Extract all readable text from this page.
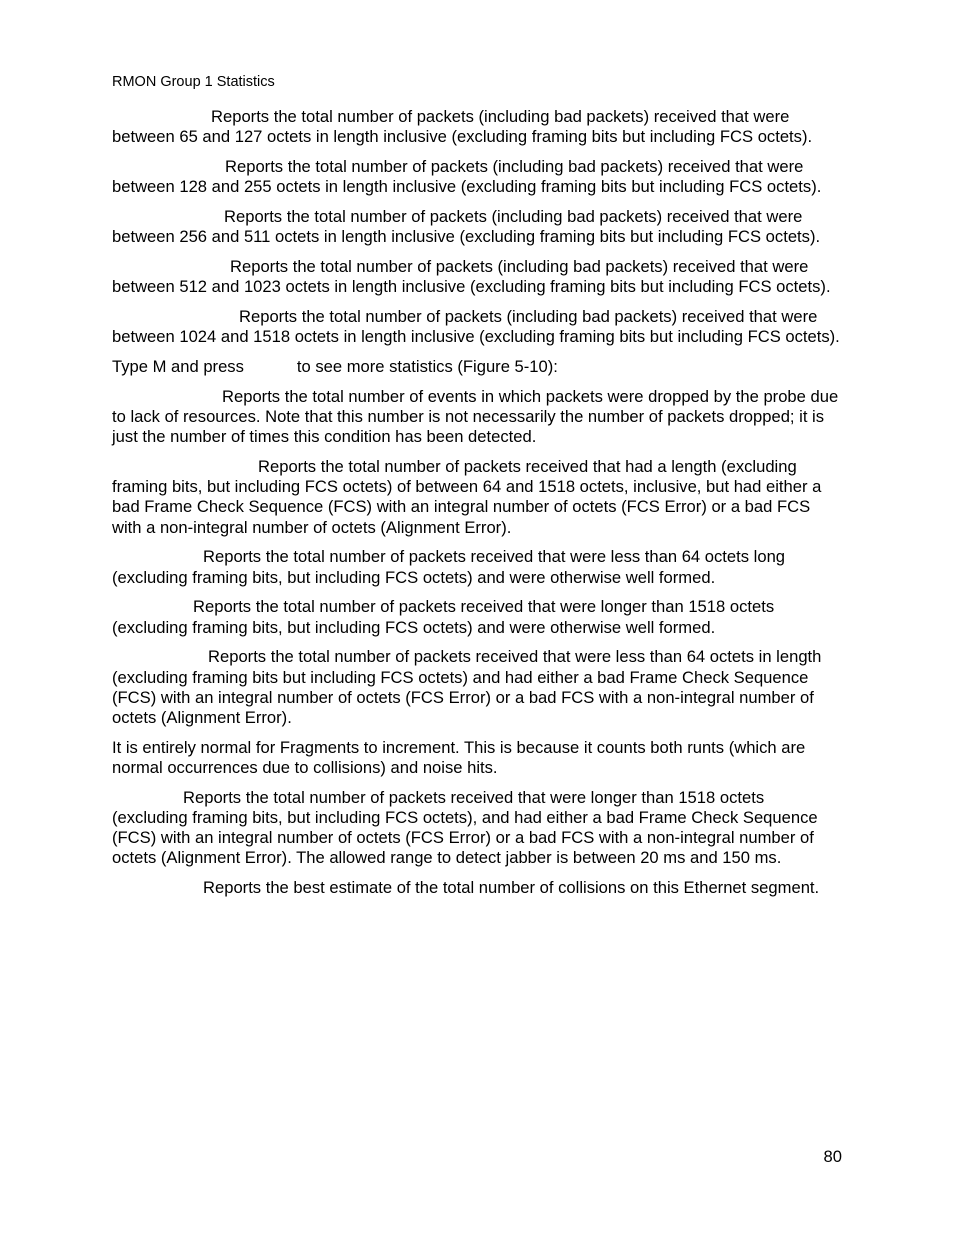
RMON Group 1 Statistics

Reports the total number of packets (including bad packets) received that were between 65 and 127 octets in length inclusive (excluding framing bits but including FCS octets).

Reports the total number of packets (including bad packets) received that were between 128 and 255 octets in length inclusive (excluding framing bits but including FCS octets).

Reports the total number of packets (including bad packets) received that were between 256 and 511 octets in length inclusive (excluding framing bits but including FCS octets).

Reports the total number of packets (including bad packets) received that were between 512 and 1023 octets in length inclusive (excluding framing bits but including FCS octets).

Reports the total number of packets (including bad packets) received that were between 1024 and 1518 octets in length inclusive (excluding framing bits but including FCS octets).

Type M and press	to see more statistics (Figure 5-10):

Reports the total number of events in which packets were dropped by the probe due to lack of resources. Note that this number is not necessarily the number of packets dropped; it is just the number of times this condition has been detected.

Reports the total number of packets received that had a length (excluding framing bits, but including FCS octets) of between 64 and 1518 octets, inclusive, but had either a bad Frame Check Sequence (FCS) with an integral number of octets (FCS Error) or a bad FCS with a non-integral number of octets (Alignment Error).

Reports the total number of packets received that were less than 64 octets long (excluding framing bits, but including FCS octets) and were otherwise well formed.

Reports the total number of packets received that were longer than 1518 octets (excluding framing bits, but including FCS octets) and were otherwise well formed.

Reports the total number of packets received that were less than 64 octets in length (excluding framing bits but including FCS octets) and had either a bad Frame Check Sequence (FCS) with an integral number of octets (FCS Error) or a bad FCS with a non-integral number of octets (Alignment Error).

It is entirely normal for Fragments to increment. This is because it counts both runts (which are normal occurrences due to collisions) and noise hits.

Reports the total number of packets received that were longer than 1518 octets (excluding framing bits, but including FCS octets), and had either a bad Frame Check Sequence (FCS) with an integral number of octets (FCS Error) or a bad FCS with a non-integral number of octets (Alignment Error). The allowed range to detect jabber is between 20 ms and 150 ms.

Reports the best estimate of the total number of collisions on this Ethernet segment.

80
